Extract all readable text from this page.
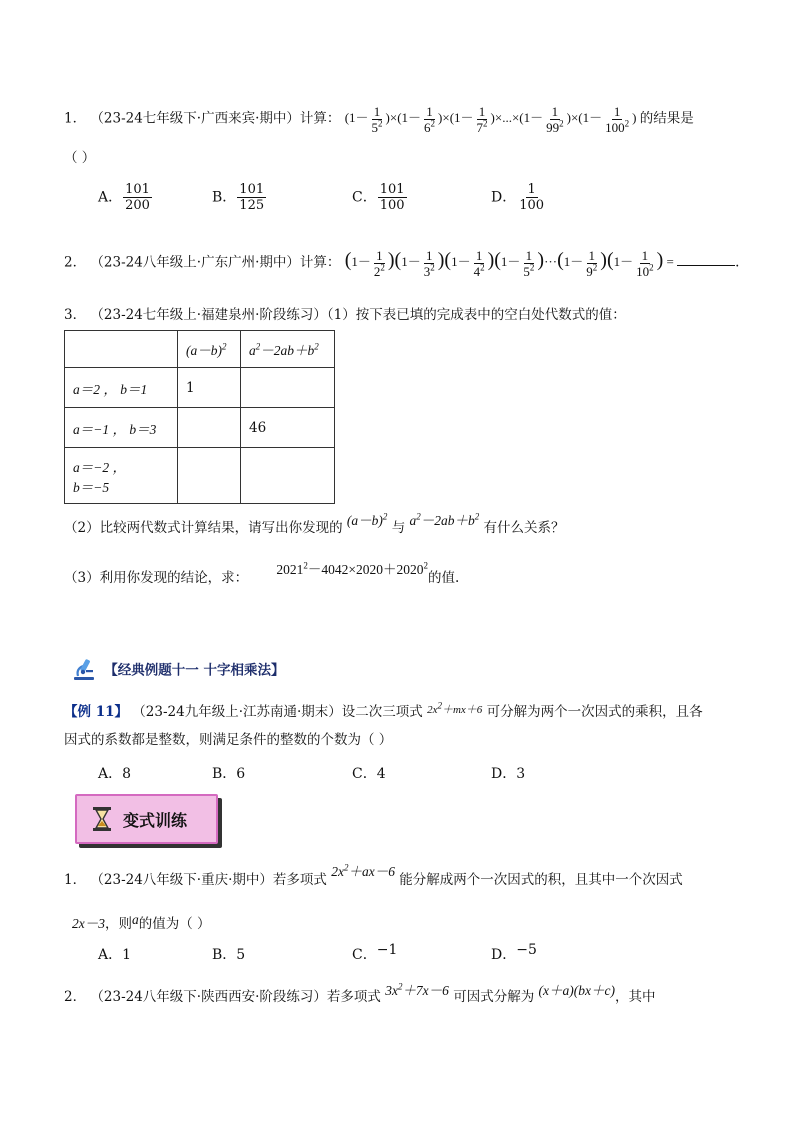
1． （23-24七年级下·广西来宾·期中）计算： $(1- \frac{1}{5^2} )\times(1- \frac{1}{6^2} )\times(1- \frac{1}{7^2} )\times...\times(1- \frac{1}{99^2} )\times(1- \frac{1}{100^2}$ ) 的结果是
（ ）
A． $\frac{101}{200}$	B． $\frac{101}{125}$	C． $\frac{101}{100}$	D． $\frac{1}{100}$
2． （23-24八年级上·广东广州·期中）计算： $(1- \frac{1}{2^2} )(1- \frac{1}{3^2} )(1- \frac{1}{4^2} )(1- \frac{1}{5^2} )\cdot\cdot\cdot(1- \frac{1}{9^2} )(1- \frac{1}{10^2}$ ) =	.
3． （23-24七年级上·福建泉州·阶段练习）（1）按下表已填的完成表中的空白处代数式的值：
	$(a-b)^2$	$a^2-2ab+b^2$
a＝2 ， b＝1	1	
a＝−1 ， b＝3		46

a＝−2 ，
b＝−5		

（2）比较两代数式计算结果，请写出你发现的 $(a-b)^2$ 与 $a^2-2ab+b^2$ 有什么关系？
（3）利用你发现的结论，求： $2021^2-4042\times 2020+2020^2$的值.
【经典例题十一 十字相乘法】
【例 11】 （23-24九年级上·江苏南通·期末）设二次三项式 $^{2x^2+mx+6}$ 可分解为两个一次因式的乘积，且各
因式的系数都是整数，则满足条件的整数的个数为（ ）
A．8	B．6	C．4	D．3
变式训练
1． （23-24八年级下·重庆·期中）若多项式 $2x^2+ax-6$ 能分解成两个一次因式的积，且其中一个次因式
2x－3，则a的值为（ ）
A．1	B．5	C．−1	D．−5
2． （23-24八年级下·陕西西安·阶段练习）若多项式 $3x^2+7x-6$ 可因式分解为 (x＋a)(bx＋c)，其中
